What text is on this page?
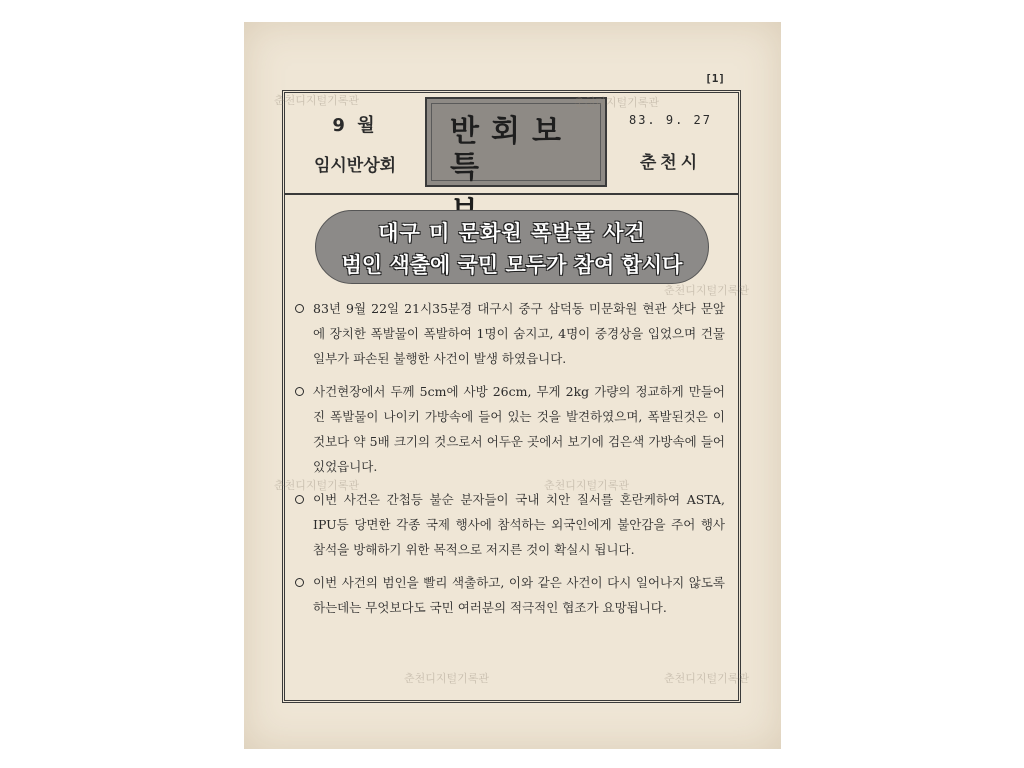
[1]
9 월
임시반상회
반회보
특
83. 9. 27
춘천시
대구 미 문화원 폭발물 사건
범인 색출에 국민 모두가 참여 합시다

83년 9월 22일 21시35분경 대구시 중구 삼덕동 미문화원 현관 샷다 문앞에 장치한 폭발물이 폭발하여 1명이 숨지고, 4명이 중경상을 입었으며 건물 일부가 파손된 불행한 사건이 발생 하였읍니다.

사건현장에서 두께 5cm에 사방 26cm, 무게 2kg 가량의 정교하게 만들어진 폭발물이 나이키 가방속에 들어 있는 것을 발견하였으며, 폭발된것은 이것보다 약 5배 크기의 것으로서 어두운 곳에서 보기에 검은색 가방속에 들어 있었읍니다.

이번 사건은 간첩등 불순 분자들이 국내 치안 질서를 혼란케하여 ASTA, IPU등 당면한 각종 국제 행사에 참석하는 외국인에게 불안감을 주어 행사 참석을 방해하기 위한 목적으로 저지른 것이 확실시 됩니다.

이번 사건의 범인을 빨리 색출하고, 이와 같은 사건이 다시 일어나지 않도록 하는데는 무엇보다도 국민 여러분의 적극적인 협조가 요망됩니다.

춘천디지털기록관	춘천디지털기록관
춘천디지털기록관
춘천디지털기록관	춘천디지털기록관
춘천디지털기록관	춘천디지털기록관
